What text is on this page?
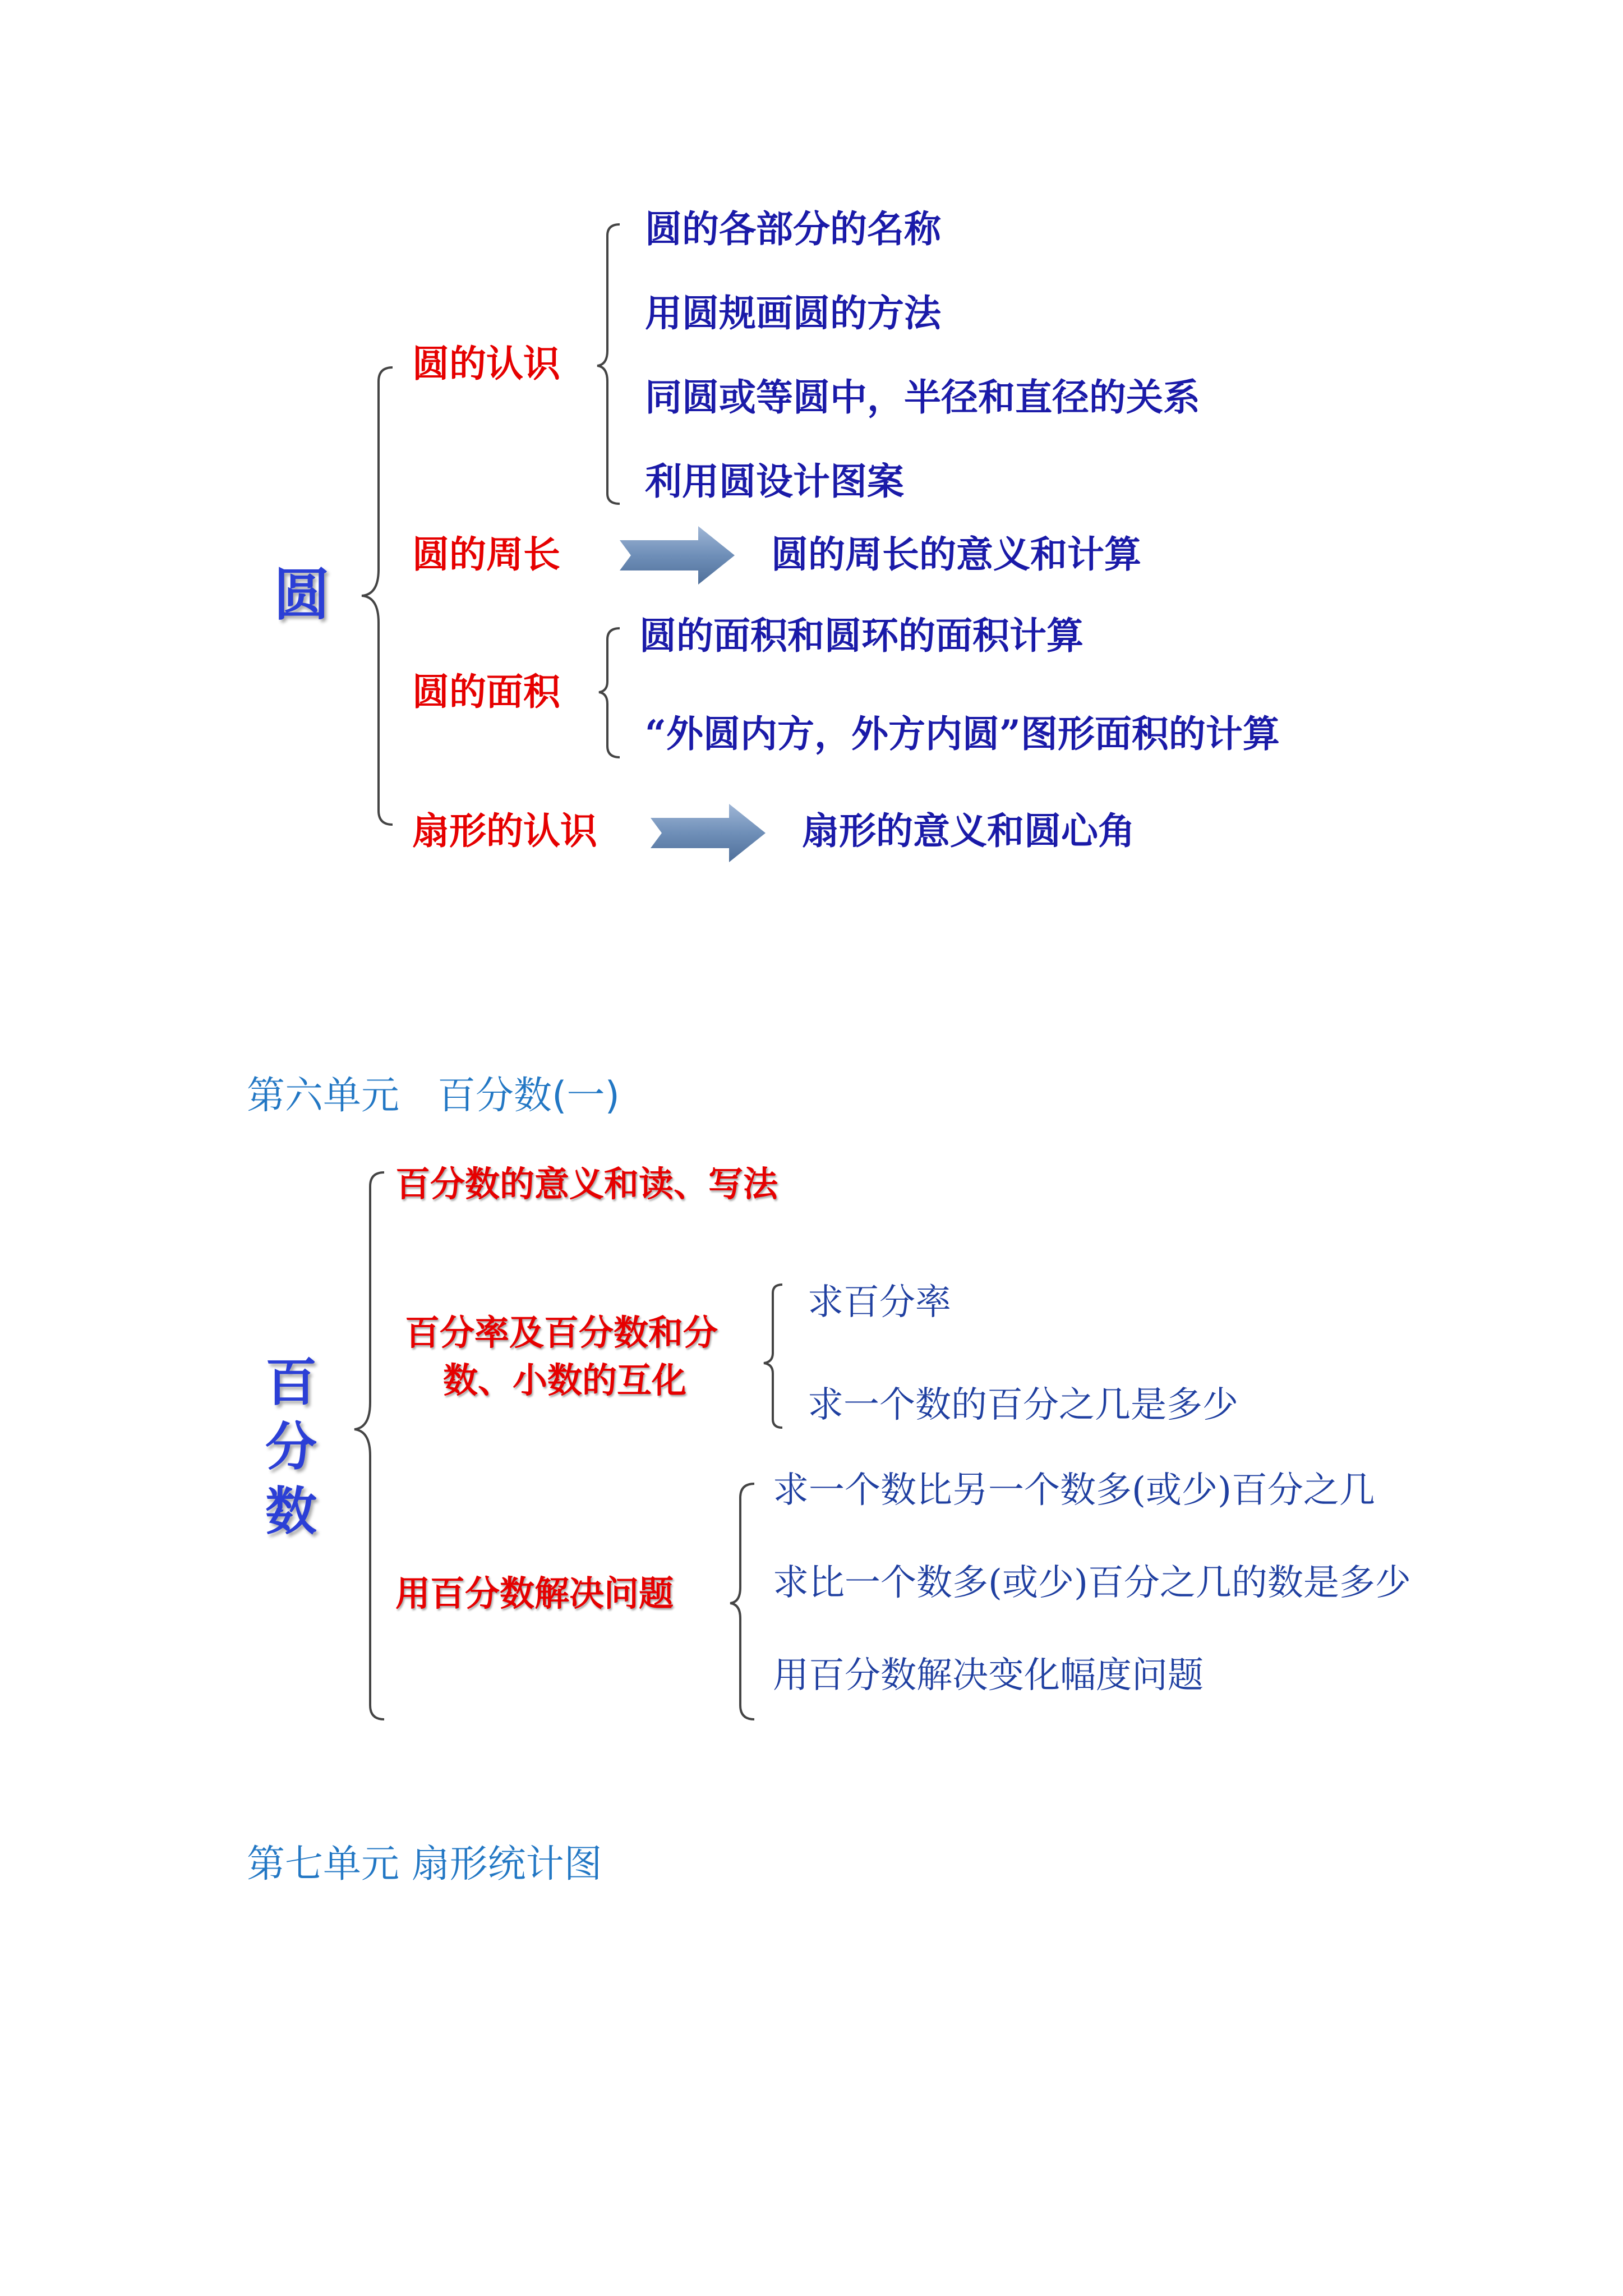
圆
圆的认识
圆的周长
圆的面积
扇形的认识
圆的各部分的名称
用圆规画圆的方法
同圆或等圆中，半径和直径的关系
利用圆设计图案
圆的周长的意义和计算
圆的面积和圆环的面积计算
“外圆内方，外方内圆”图形面积的计算
扇形的意义和圆心角
第六单元　百分数(一)
百
分
数
百分数的意义和读、写法
百分率及百分数和分
数、小数的互化
用百分数解决问题
求百分率
求一个数的百分之几是多少
求一个数比另一个数多(或少)百分之几
求比一个数多(或少)百分之几的数是多少
用百分数解决变化幅度问题
第七单元 扇形统计图
